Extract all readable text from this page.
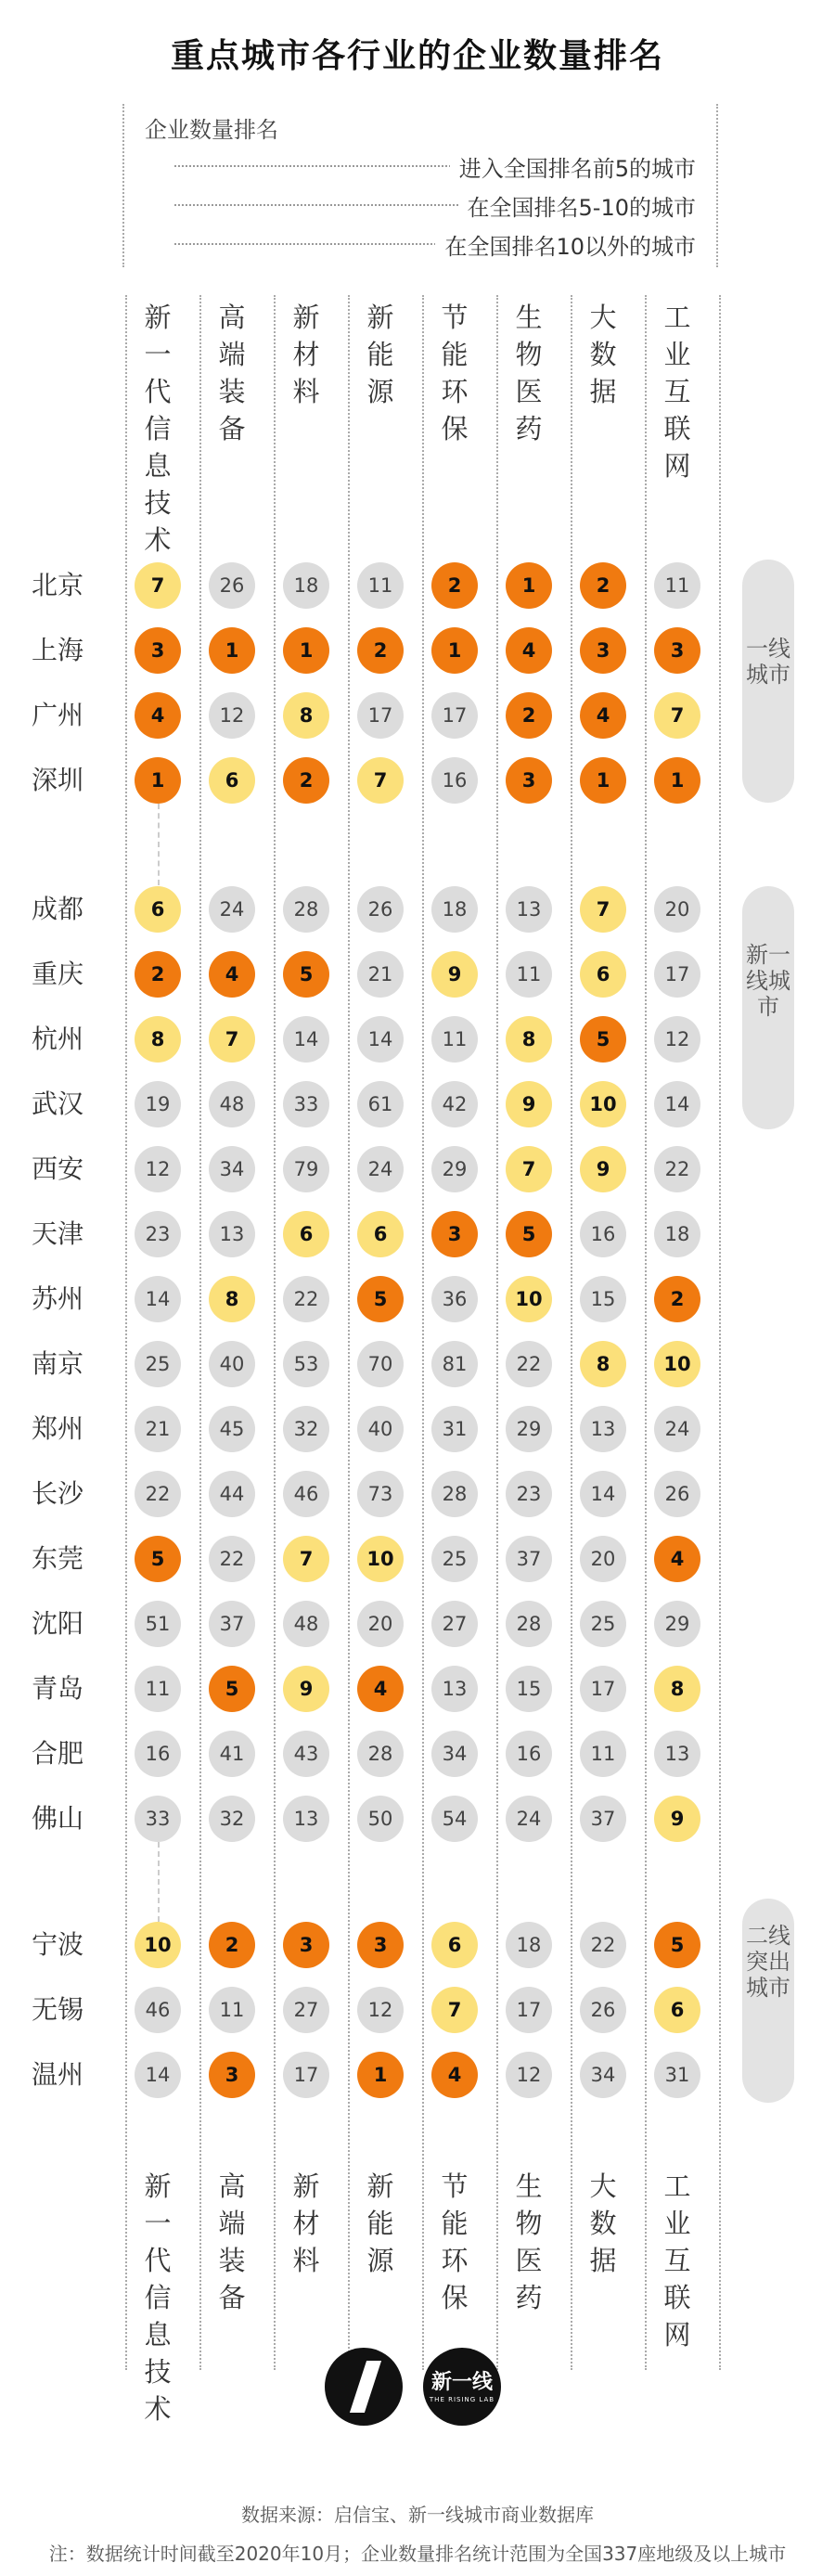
重点城市各行业的企业数量排名
企业数量排名
进入全国排名前5的城市
在全国排名5-10的城市
在全国排名10以外的城市
新
一
代
信
息
技
术
新
一
代
信
息
技
术
高
端
装
备
高
端
装
备
新
材
料
新
材
料
新
能
源
新
能
源
节
能
环
保
节
能
环
保
生
物
医
药
生
物
医
药
大
数
据
大
数
据
工
业
互
联
网
工
业
互
联
网
北京	7	26	18	11	2	1	2	11
上海	3	1	1	2	1	4	3	3
广州	4	12	8	17	17	2	4	7
深圳	1	6	2	7	16	3	1	1
成都	6	24	28	26	18	13	7	20
重庆	2	4	5	21	9	11	6	17
杭州	8	7	14	14	11	8	5	12
武汉	19	48	33	61	42	9	10	14
西安	12	34	79	24	29	7	9	22
天津	23	13	6	6	3	5	16	18
苏州	14	8	22	5	36	10	15	2
南京	25	40	53	70	81	22	8	10
郑州	21	45	32	40	31	29	13	24
长沙	22	44	46	73	28	23	14	26
东莞	5	22	7	10	25	37	20	4
沈阳	51	37	48	20	27	28	25	29
青岛	11	5	9	4	13	15	17	8
合肥	16	41	43	28	34	16	11	13
佛山	33	32	13	50	54	24	37	9
宁波	10	2	3	3	6	18	22	5
无锡	46	11	27	12	7	17	26	6
温州	14	3	17	1	4	12	34	31
一线城市
新一线城市
二线突出城市
新一线
THE RISING LAB
数据来源：启信宝、新一线城市商业数据库
注：数据统计时间截至2020年10月；企业数量排名统计范围为全国337座地级及以上城市
